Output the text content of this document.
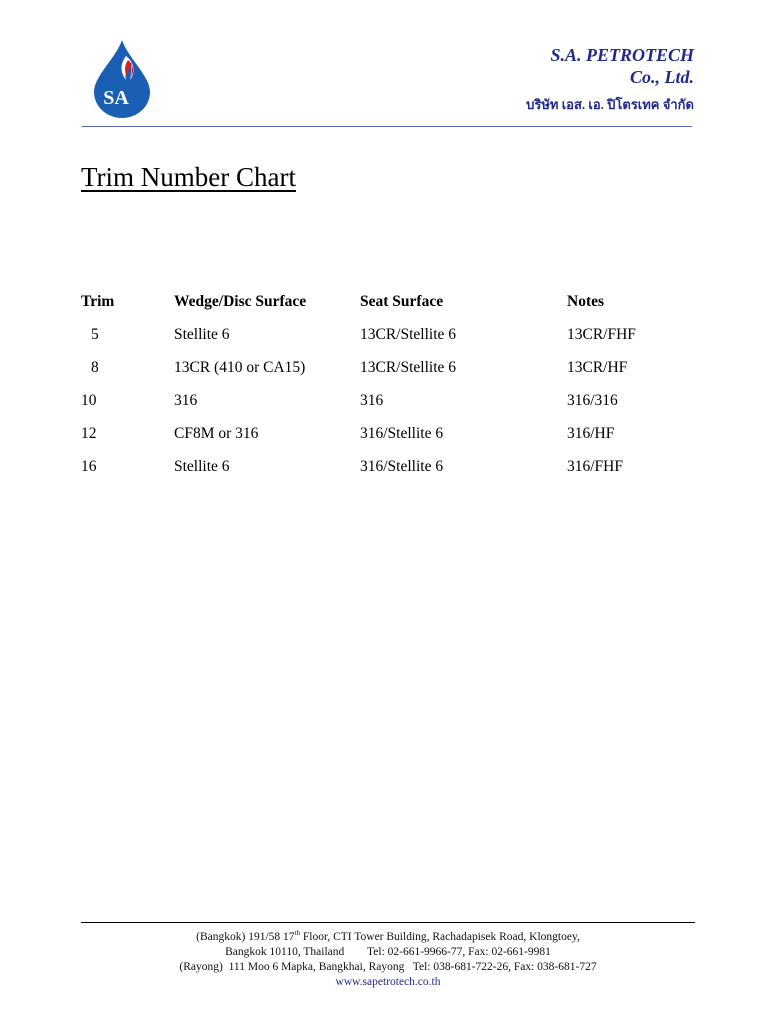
SA
S.A. PETROTECH
Co., Ltd.
บริษัท เอส. เอ. ปิโตรเทค จำกัด
Trim Number Chart
Trim	Wedge/Disc Surface	Seat Surface	Notes
5	Stellite 6	13CR/Stellite 6	13CR/FHF
8	13CR (410 or CA15)	13CR/Stellite 6	13CR/HF
10	316	316	316/316
12	CF8M or 316	316/Stellite 6	316/HF
16	Stellite 6	316/Stellite 6	316/FHF
(Bangkok) 191/58 17th Floor, CTI Tower Building, Rachadapisek Road, Klongtoey,
Bangkok 10110, Thailand        Tel: 02-661-9966-77, Fax: 02-661-9981
(Rayong)  111 Moo 6 Mapka, Bangkhai, Rayong   Tel: 038-681-722-26, Fax: 038-681-727
www.sapetrotech.co.th
